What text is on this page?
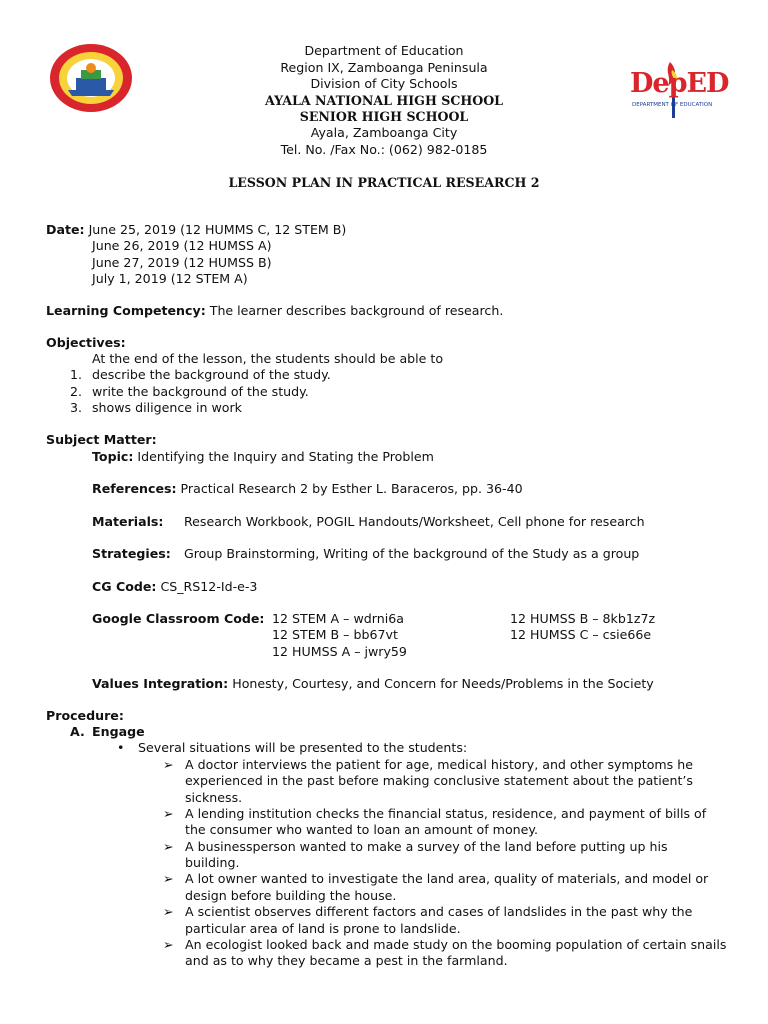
DepED
DEPARTMENT OF EDUCATION
Department of Education
Region IX, Zamboanga Peninsula
Division of City Schools
AYALA NATIONAL HIGH SCHOOL
SENIOR HIGH SCHOOL
Ayala, Zamboanga City
Tel. No. /Fax No.: (062) 982-0185
LESSON PLAN IN PRACTICAL RESEARCH 2
Date: June 25, 2019 (12 HUMMS C, 12 STEM B)
June 26, 2019 (12 HUMSS A)
June 27, 2019 (12 HUMSS B)
July 1, 2019 (12 STEM A)
Learning Competency: The learner describes background of research.
Objectives:
At the end of the lesson, the students should be able to
1. describe the background of the study.
2. write the background of the study.
3. shows diligence in work
Subject Matter:
Topic: Identifying the Inquiry and Stating the Problem
References: Practical Research 2 by Esther L. Baraceros, pp. 36-40
Materials: Research Workbook, POGIL Handouts/Worksheet, Cell phone for research
Strategies: Group Brainstorming, Writing of the background of the Study as a group
CG Code: CS_RS12-Id-e-3
Google Classroom Code: 12 STEM A – wdrni6a
12 STEM B – bb67vt
12 HUMSS A – jwry59
12 HUMSS B – 8kb1z7z
12 HUMSS C – csie66e
Values Integration: Honesty, Courtesy, and Concern for Needs/Problems in the Society
Procedure:
A. Engage
• Several situations will be presented to the students:
➢ A doctor interviews the patient for age, medical history, and other symptoms he
experienced in the past before making conclusive statement about the patient’s
sickness.
➢ A lending institution checks the financial status, residence, and payment of bills of
the consumer who wanted to loan an amount of money.
➢ A businessperson wanted to make a survey of the land before putting up his
building.
➢ A lot owner wanted to investigate the land area, quality of materials, and model or
design before building the house.
➢ A scientist observes different factors and cases of landslides in the past why the
particular area of land is prone to landslide.
➢ An ecologist looked back and made study on the booming population of certain snails
and as to why they became a pest in the farmland.
